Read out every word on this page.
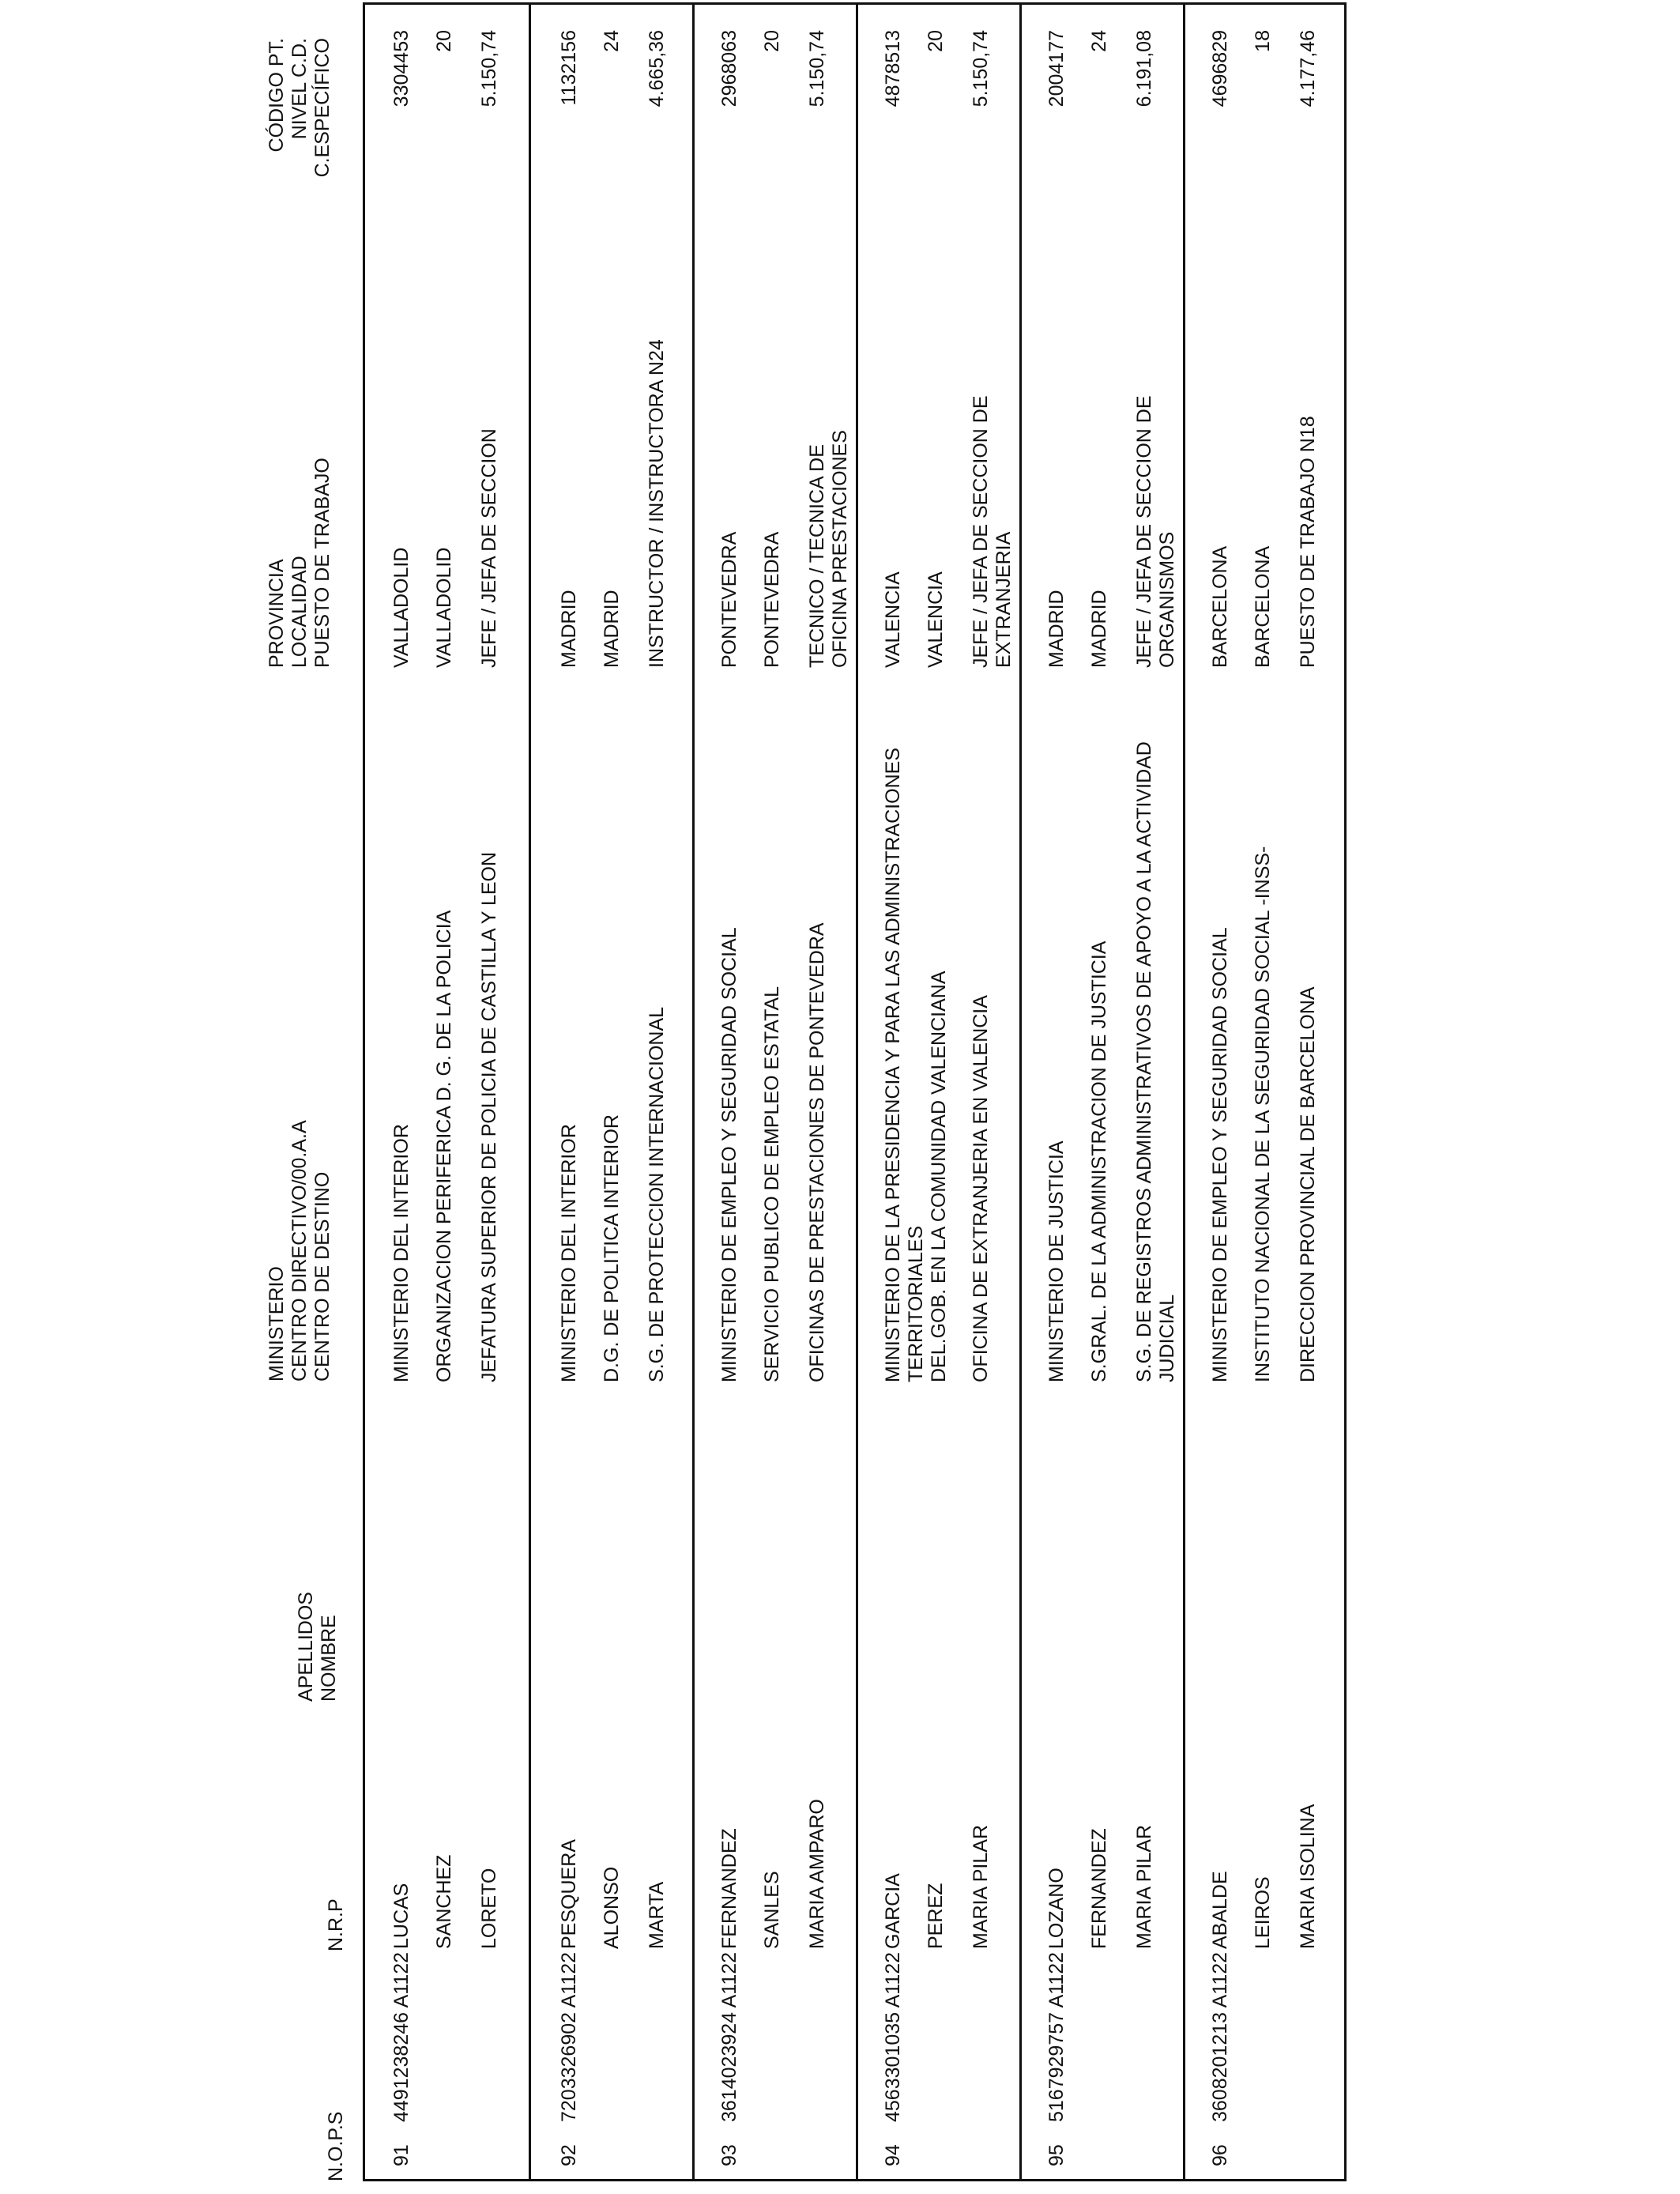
N.O.P.S
N.R.P
APELLIDOS NOMBRE
MINISTERIO CENTRO DIRECTIVO/00.A.A CENTRO DE DESTINO
PROVINCIA LOCALIDAD PUESTO DE TRABAJO
CÓDIGO PT. NIVEL C.D. C.ESPECÍFICO
91
4491238246 A1122
LUCAS SANCHEZ LORETO
MINISTERIO DEL INTERIOR ORGANIZACION PERIFERICA D. G. DE LA POLICIA JEFATURA SUPERIOR DE POLICIA DE CASTILLA Y LEON
VALLADOLID VALLADOLID JEFE / JEFA DE SECCION
3304453 20 5.150,74
92
7203326902 A1122
PESQUERA ALONSO MARTA
MINISTERIO DEL INTERIOR D.G. DE POLITICA INTERIOR S.G. DE PROTECCION INTERNACIONAL
MADRID MADRID INSTRUCTOR / INSTRUCTORA N24
1132156 24 4.665,36
93
3614023924 A1122
FERNANDEZ SANLES MARIA AMPARO
MINISTERIO DE EMPLEO Y SEGURIDAD SOCIAL SERVICIO PUBLICO DE EMPLEO ESTATAL OFICINAS DE PRESTACIONES DE PONTEVEDRA
PONTEVEDRA PONTEVEDRA TECNICO / TECNICA DE OFICINA PRESTACIONES
2968063 20 5.150,74
94
4563301035 A1122
GARCIA PEREZ MARIA PILAR
MINISTERIO DE LA PRESIDENCIA Y PARA LAS ADMINISTRACIONES TERRITORIALES DEL.GOB. EN LA COMUNIDAD VALENCIANA OFICINA DE EXTRANJERIA EN VALENCIA
VALENCIA VALENCIA JEFE / JEFA DE SECCION DE EXTRANJERIA
4878513 20 5.150,74
95
5167929757 A1122
LOZANO FERNANDEZ MARIA PILAR
MINISTERIO DE JUSTICIA S.GRAL. DE LA ADMINISTRACION DE JUSTICIA S.G. DE REGISTROS ADMINISTRATIVOS DE APOYO A LA ACTIVIDAD JUDICIAL
MADRID MADRID JEFE / JEFA DE SECCION DE ORGANISMOS
2004177 24 6.191,08
96
3608201213 A1122
ABALDE LEIROS MARIA ISOLINA
MINISTERIO DE EMPLEO Y SEGURIDAD SOCIAL INSTITUTO NACIONAL DE LA SEGURIDAD SOCIAL -INSS- DIRECCION PROVINCIAL DE BARCELONA
BARCELONA BARCELONA PUESTO DE TRABAJO N18
4696829 18 4.177,46
